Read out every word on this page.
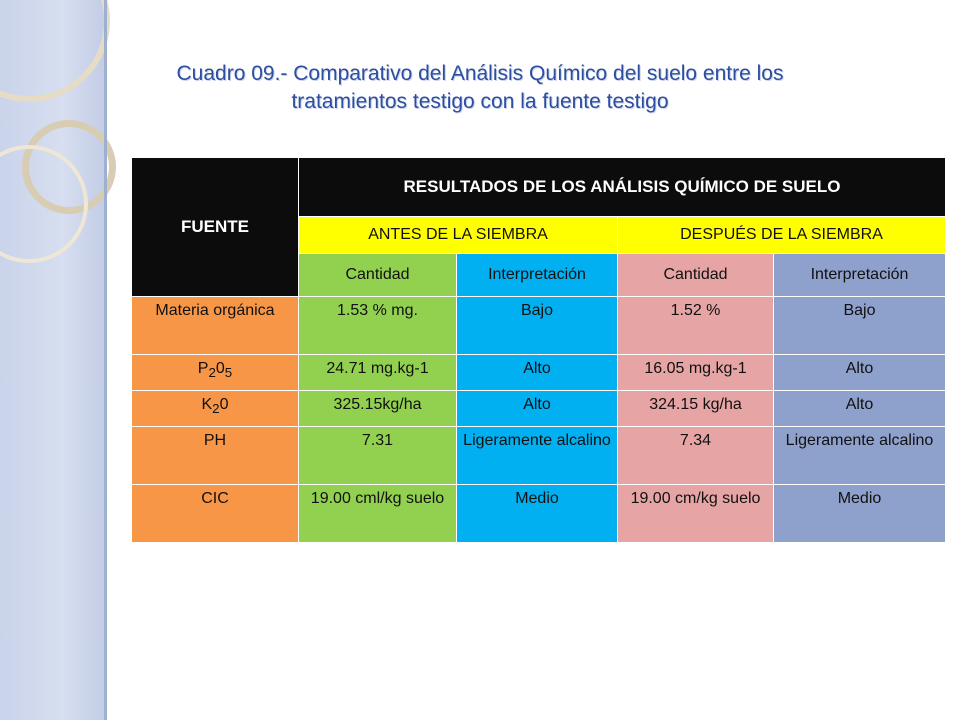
Cuadro 09.- Comparativo del Análisis Químico del suelo entre los
tratamientos testigo con la fuente testigo
FUENTE	RESULTADOS DE LOS ANÁLISIS QUÍMICO DE SUELO			
	ANTES DE LA SIEMBRA		DESPUÉS DE LA SIEMBRA	
	Cantidad	Interpretación	Cantidad	Interpretación
Materia orgánica	1.53 % mg.	Bajo	1.52 %	Bajo
$P_20_5$	24.71 mg.kg-1	Alto	16.05 mg.kg-1	Alto
$K_20$	325.15kg/ha	Alto	324.15 kg/ha	Alto
PH	7.31	Ligeramente alcalino	7.34	Ligeramente alcalino
CIC	19.00 cml/kg suelo	Medio	19.00 cm/kg suelo	Medio
